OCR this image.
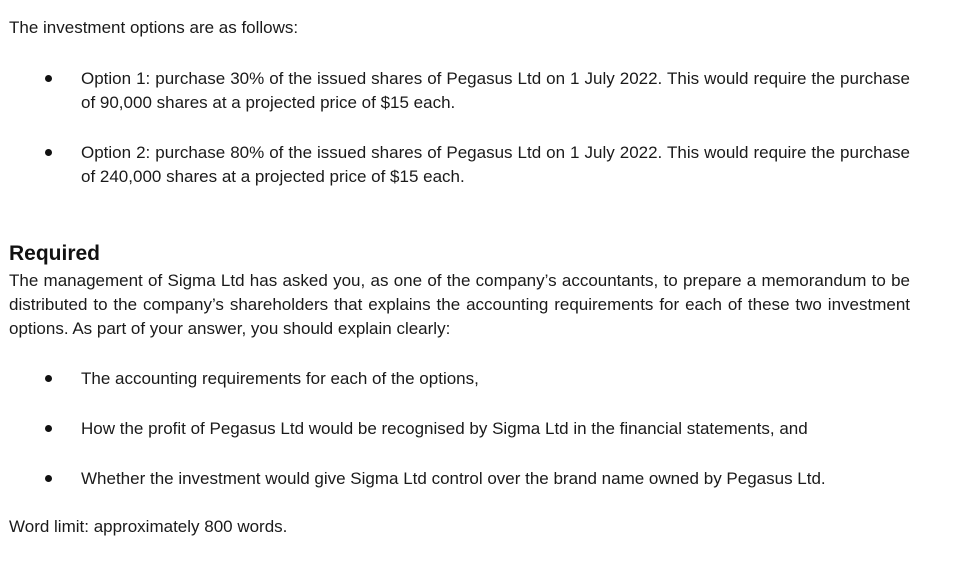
The investment options are as follows:

Option 1: purchase 30% of the issued shares of Pegasus Ltd on 1 July 2022. This would require the purchase of 90,000 shares at a projected price of $15 each.

Option 2: purchase 80% of the issued shares of Pegasus Ltd on 1 July 2022. This would require the purchase of 240,000 shares at a projected price of $15 each.

Required

The management of Sigma Ltd has asked you, as one of the company’s accountants, to prepare a memorandum to be distributed to the company’s shareholders that explains the accounting requirements for each of these two investment options. As part of your answer, you should explain clearly:

The accounting requirements for each of the options,

How the profit of Pegasus Ltd would be recognised by Sigma Ltd in the financial statements, and

Whether the investment would give Sigma Ltd control over the brand name owned by Pegasus Ltd.

Word limit: approximately 800 words.
